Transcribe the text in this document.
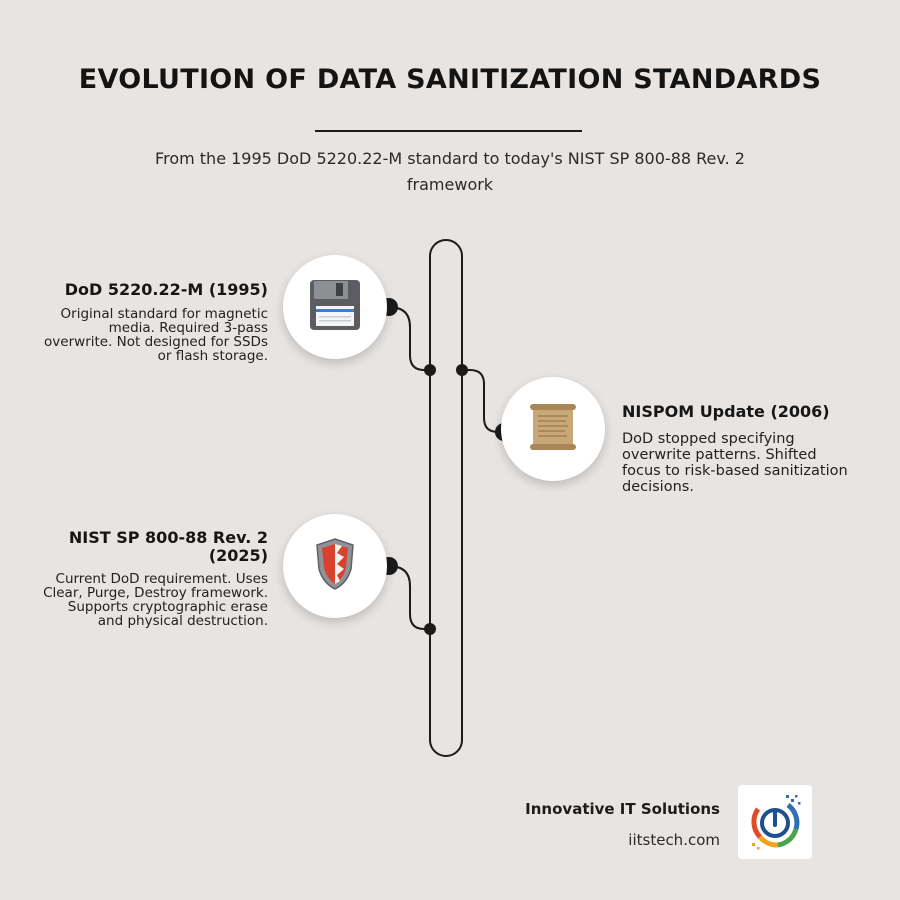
EVOLUTION OF DATA SANITIZATION STANDARDS
From the 1995 DoD 5220.22-M standard to today's NIST SP 800-88 Rev. 2 framework
DoD 5220.22-M (1995)
Original standard for magnetic media. Required 3-pass overwrite. Not designed for SSDs or flash storage.
NISPOM Update (2006)
DoD stopped specifying overwrite patterns. Shifted focus to risk-based sanitization decisions.
NIST SP 800-88 Rev. 2 (2025)
Current DoD requirement. Uses Clear, Purge, Destroy framework. Supports cryptographic erase and physical destruction.
Innovative IT Solutions
iitstech.com
